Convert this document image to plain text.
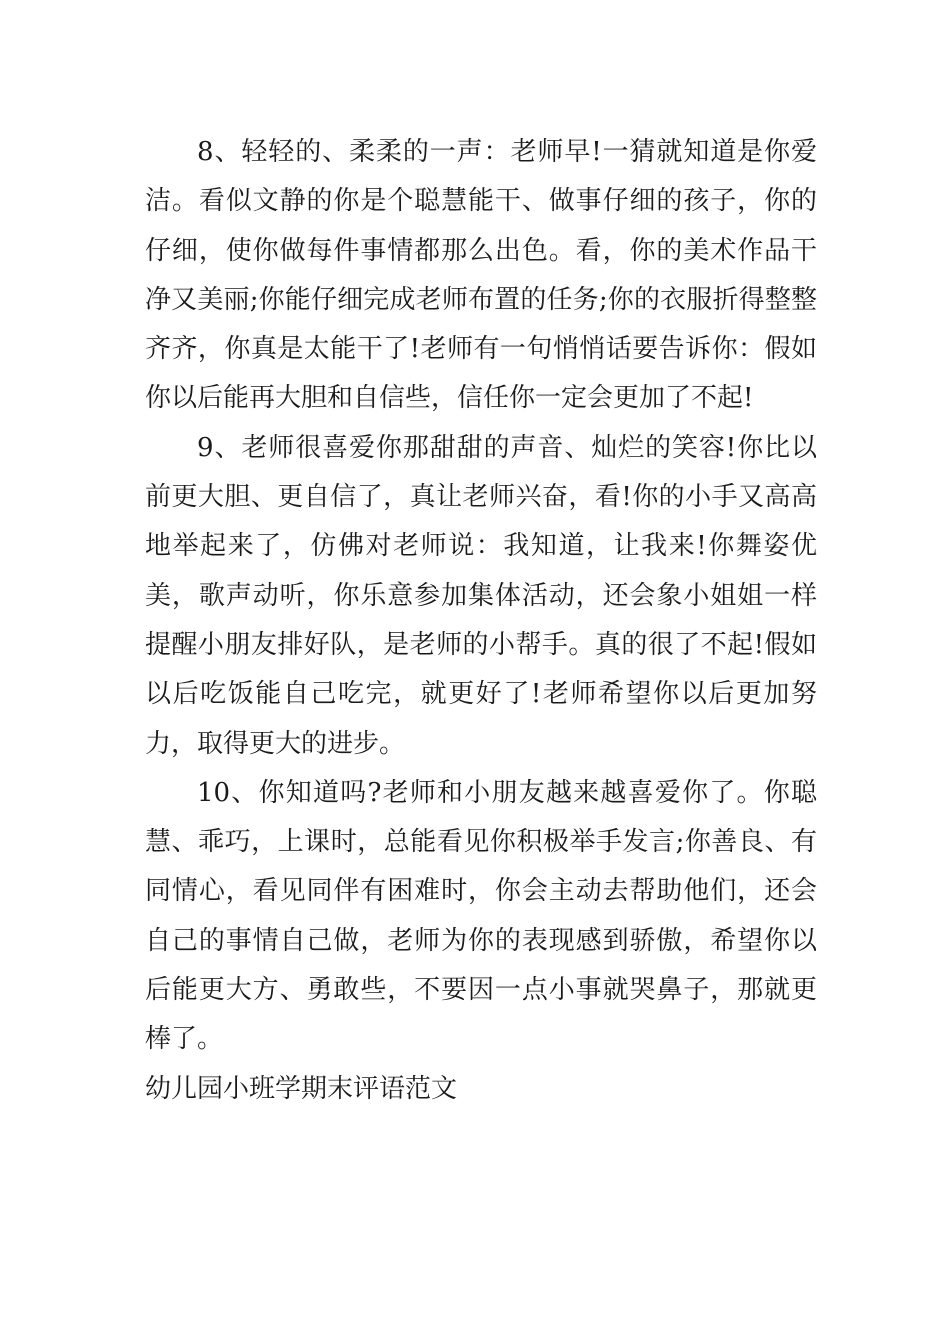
8、轻轻的、柔柔的一声：老师早!一猜就知道是你爱洁。看似文静的你是个聪慧能干、做事仔细的孩子，你的仔细，使你做每件事情都那么出色。看，你的美术作品干净又美丽;你能仔细完成老师布置的任务;你的衣服折得整整齐齐，你真是太能干了!老师有一句悄悄话要告诉你：假如你以后能再大胆和自信些，信任你一定会更加了不起!

9、老师很喜爱你那甜甜的声音、灿烂的笑容!你比以前更大胆、更自信了，真让老师兴奋，看!你的小手又高高地举起来了，仿佛对老师说：我知道，让我来!你舞姿优美，歌声动听，你乐意参加集体活动，还会象小姐姐一样提醒小朋友排好队，是老师的小帮手。真的很了不起!假如以后吃饭能自己吃完，就更好了!老师希望你以后更加努力，取得更大的进步。

10、你知道吗?老师和小朋友越来越喜爱你了。你聪慧、乖巧，上课时，总能看见你积极举手发言;你善良、有同情心，看见同伴有困难时，你会主动去帮助他们，还会自己的事情自己做，老师为你的表现感到骄傲，希望你以后能更大方、勇敢些，不要因一点小事就哭鼻子，那就更棒了。

幼儿园小班学期末评语范文
